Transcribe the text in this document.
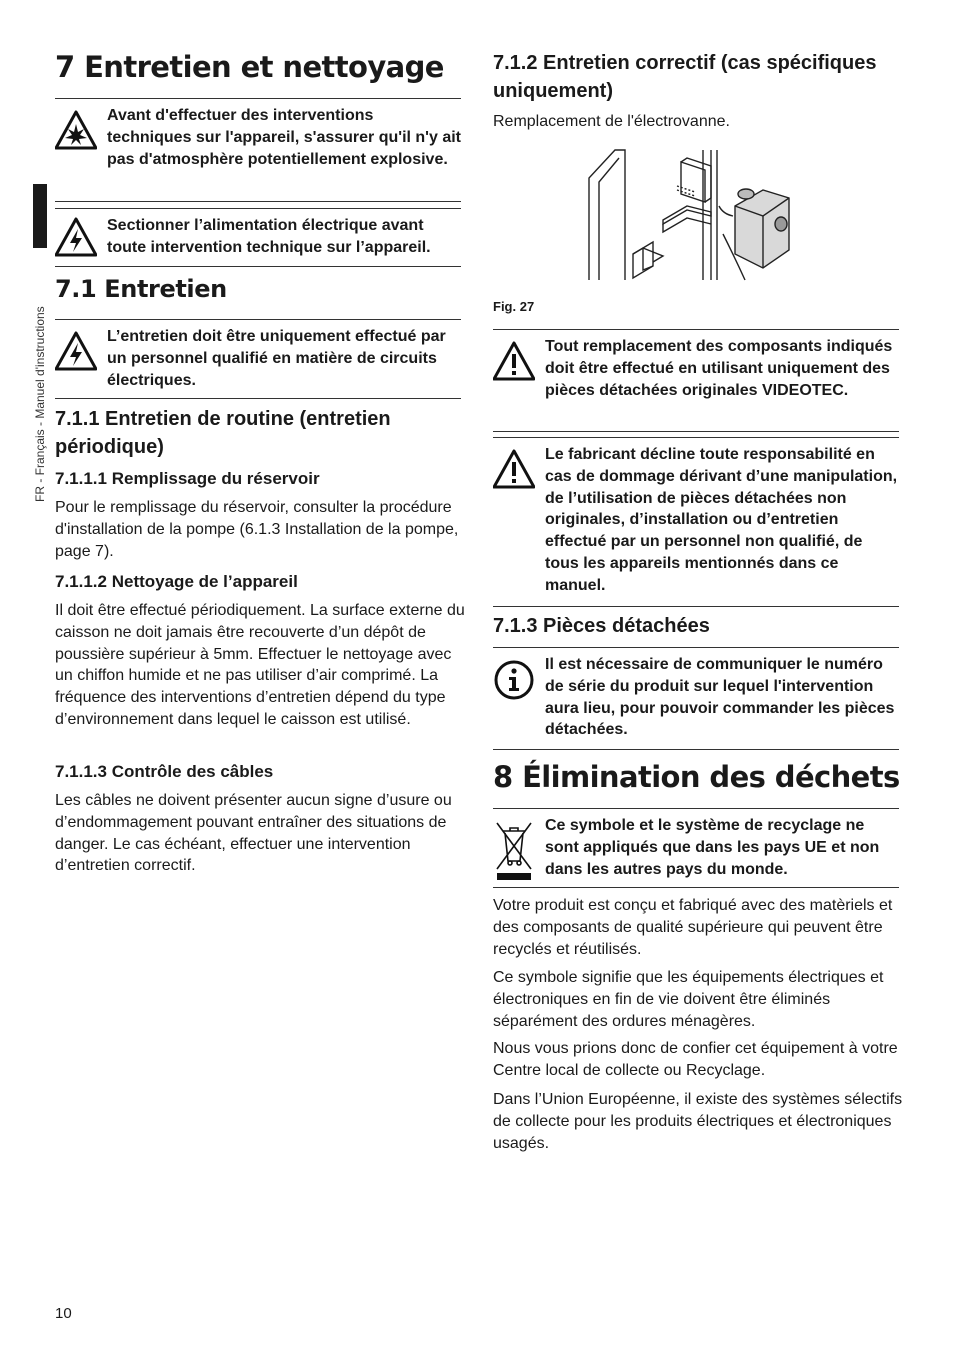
FR - Français - Manuel d'instructions
7 Entretien et nettoyage
Avant d'effectuer des interventions techniques sur l'appareil, s'assurer qu'il n'y ait pas d'atmosphère potentiellement explosive.
Sectionner l’alimentation électrique avant toute intervention technique sur l’appareil.
7.1 Entretien
L’entretien doit être uniquement effectué par un personnel qualifié en matière de circuits électriques.
7.1.1 Entretien de routine (entretien périodique)
7.1.1.1 Remplissage du réservoir

Pour le remplissage du réservoir, consulter la procédure d'installation de la pompe (6.1.3 Installation de la pompe, page 7).

7.1.1.2 Nettoyage de l’appareil

Il doit être effectué périodiquement. La surface externe du caisson ne doit jamais être recouverte d’un dépôt de poussière supérieur à 5mm. Effectuer le nettoyage avec un chiffon humide et ne pas utiliser d’air comprimé. La fréquence des interventions d’entretien dépend du type d’environnement dans lequel le caisson est utilisé.

7.1.1.3 Contrôle des câbles

Les câbles ne doivent présenter aucun signe d’usure ou d’endommagement pouvant entraîner des situations de danger. Le cas échéant, effectuer une intervention d’entretien correctif.

7.1.2 Entretien correctif (cas spécifiques uniquement)

Remplacement de l'électrovanne.

Fig. 27
Tout remplacement des composants indiqués doit être effectué en utilisant uniquement des pièces détachées originales VIDEOTEC.
Le fabricant décline toute responsabilité en cas de dommage dérivant d’une manipulation, de l’utilisation de pièces détachées non originales, d’installation ou d’entretien effectué par un personnel non qualifié, de tous les appareils mentionnés dans ce manuel.
7.1.3 Pièces détachées
Il est nécessaire de communiquer le numéro de série du produit sur lequel l'intervention aura lieu, pour pouvoir commander les pièces détachées.
8 Élimination des déchets
Ce symbole et le système de recyclage ne sont appliqués que dans les pays UE et non dans les autres pays du monde.

Votre produit est conçu et fabriqué avec des matèriels et des composants de qualité supérieure qui peuvent être recyclés et réutilisés.

Ce symbole signifie que les équipements électriques et électroniques en fin de vie doivent être éliminés séparément des ordures ménagères.

Nous vous prions donc de confier cet équipement à votre Centre local de collecte ou Recyclage.

Dans l’Union Européenne, il existe des systèmes sélectifs de collecte pour les produits électriques et électroniques usagés.

10
